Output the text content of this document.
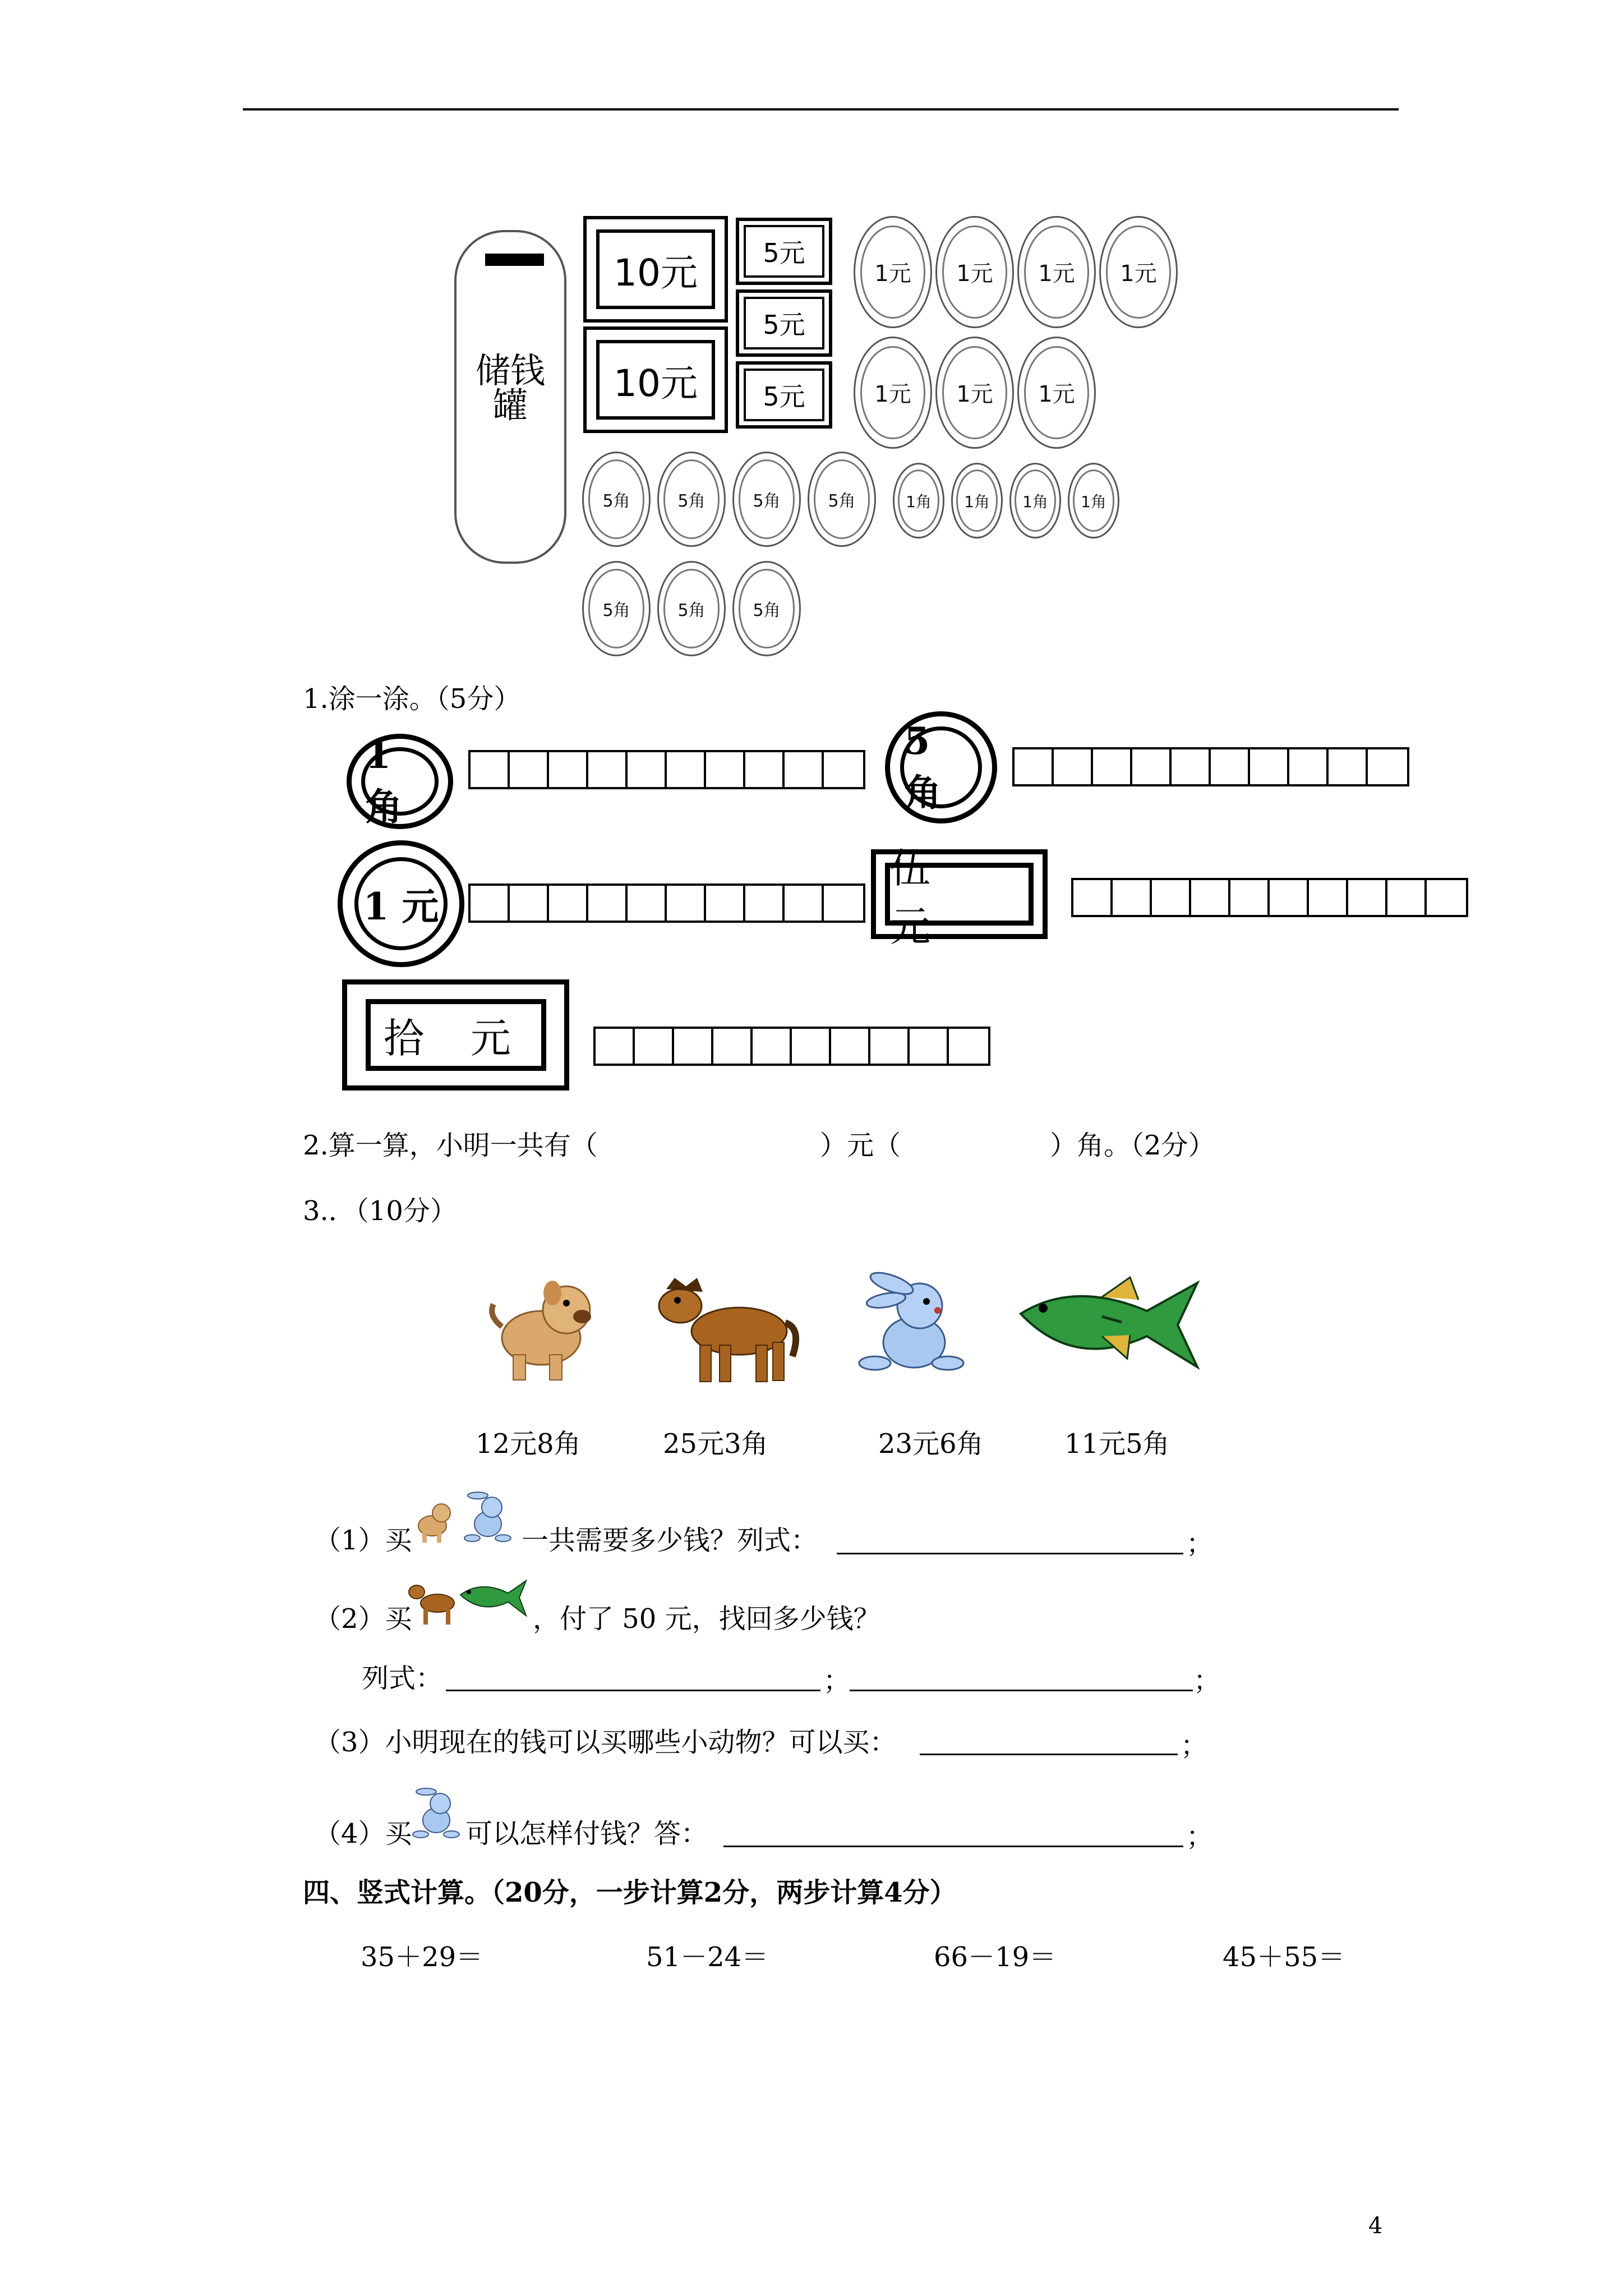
储钱罐
10元
10元
5元
5元
5元
1元	1元	1元	1元
1元	1元	1元
5角	5角	5角	5角
5角	5角	5角
1角	1角	1角	1角
1.涂一涂。（5分）
1 角
5 角
1 元
伍 元
拾 元
2.算一算，小明一共有（	）元（	）角。（2分）
3.．（10分）
12元8角	25元3角	23元6角	11元5角
（1）买	一共需要多少钱？列式：	；
（2）买	，付了 50 元，找回多少钱？
列式：	；	；
（3）小明现在的钱可以买哪些小动物？可以买：	；
（4）买 可以怎样付钱？答：	；
四、竖式计算。（20分，一步计算2分，两步计算4分）
35＋29＝	51－24＝	66－19＝	45＋55＝
4
